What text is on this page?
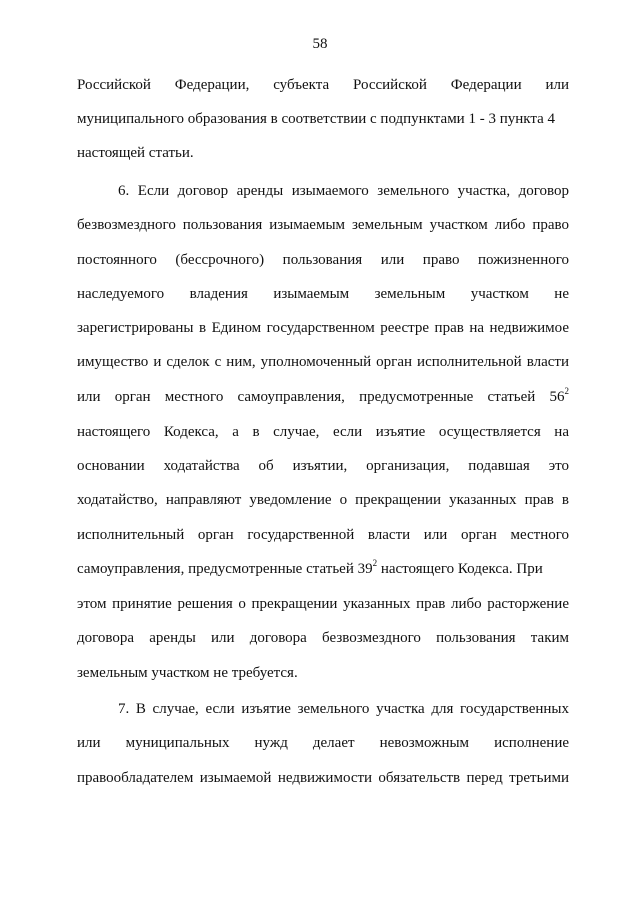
58
Российской Федерации, субъекта Российской Федерации или
муниципального образования в соответствии с подпунктами 1 - 3 пункта 4
настоящей статьи.
6. Если договор аренды изымаемого земельного участка, договор
безвозмездного пользования изымаемым земельным участком либо право
постоянного (бессрочного) пользования или право пожизненного
наследуемого владения изымаемым земельным участком не
зарегистрированы в Едином государственном реестре прав на недвижимое
имущество и сделок с ним, уполномоченный орган исполнительной власти
или орган местного самоуправления, предусмотренные статьей $56^2$
настоящего Кодекса, а в случае, если изъятие осуществляется на
основании ходатайства об изъятии, организация, подавшая это
ходатайство, направляют уведомление о прекращении указанных прав в
исполнительный орган государственной власти или орган местного
самоуправления, предусмотренные статьей $39^2$ настоящего Кодекса. При
этом принятие решения о прекращении указанных прав либо расторжение
договора аренды или договора безвозмездного пользования таким
земельным участком не требуется.
7. В случае, если изъятие земельного участка для государственных
или муниципальных нужд делает невозможным исполнение
правообладателем изымаемой недвижимости обязательств перед третьими
